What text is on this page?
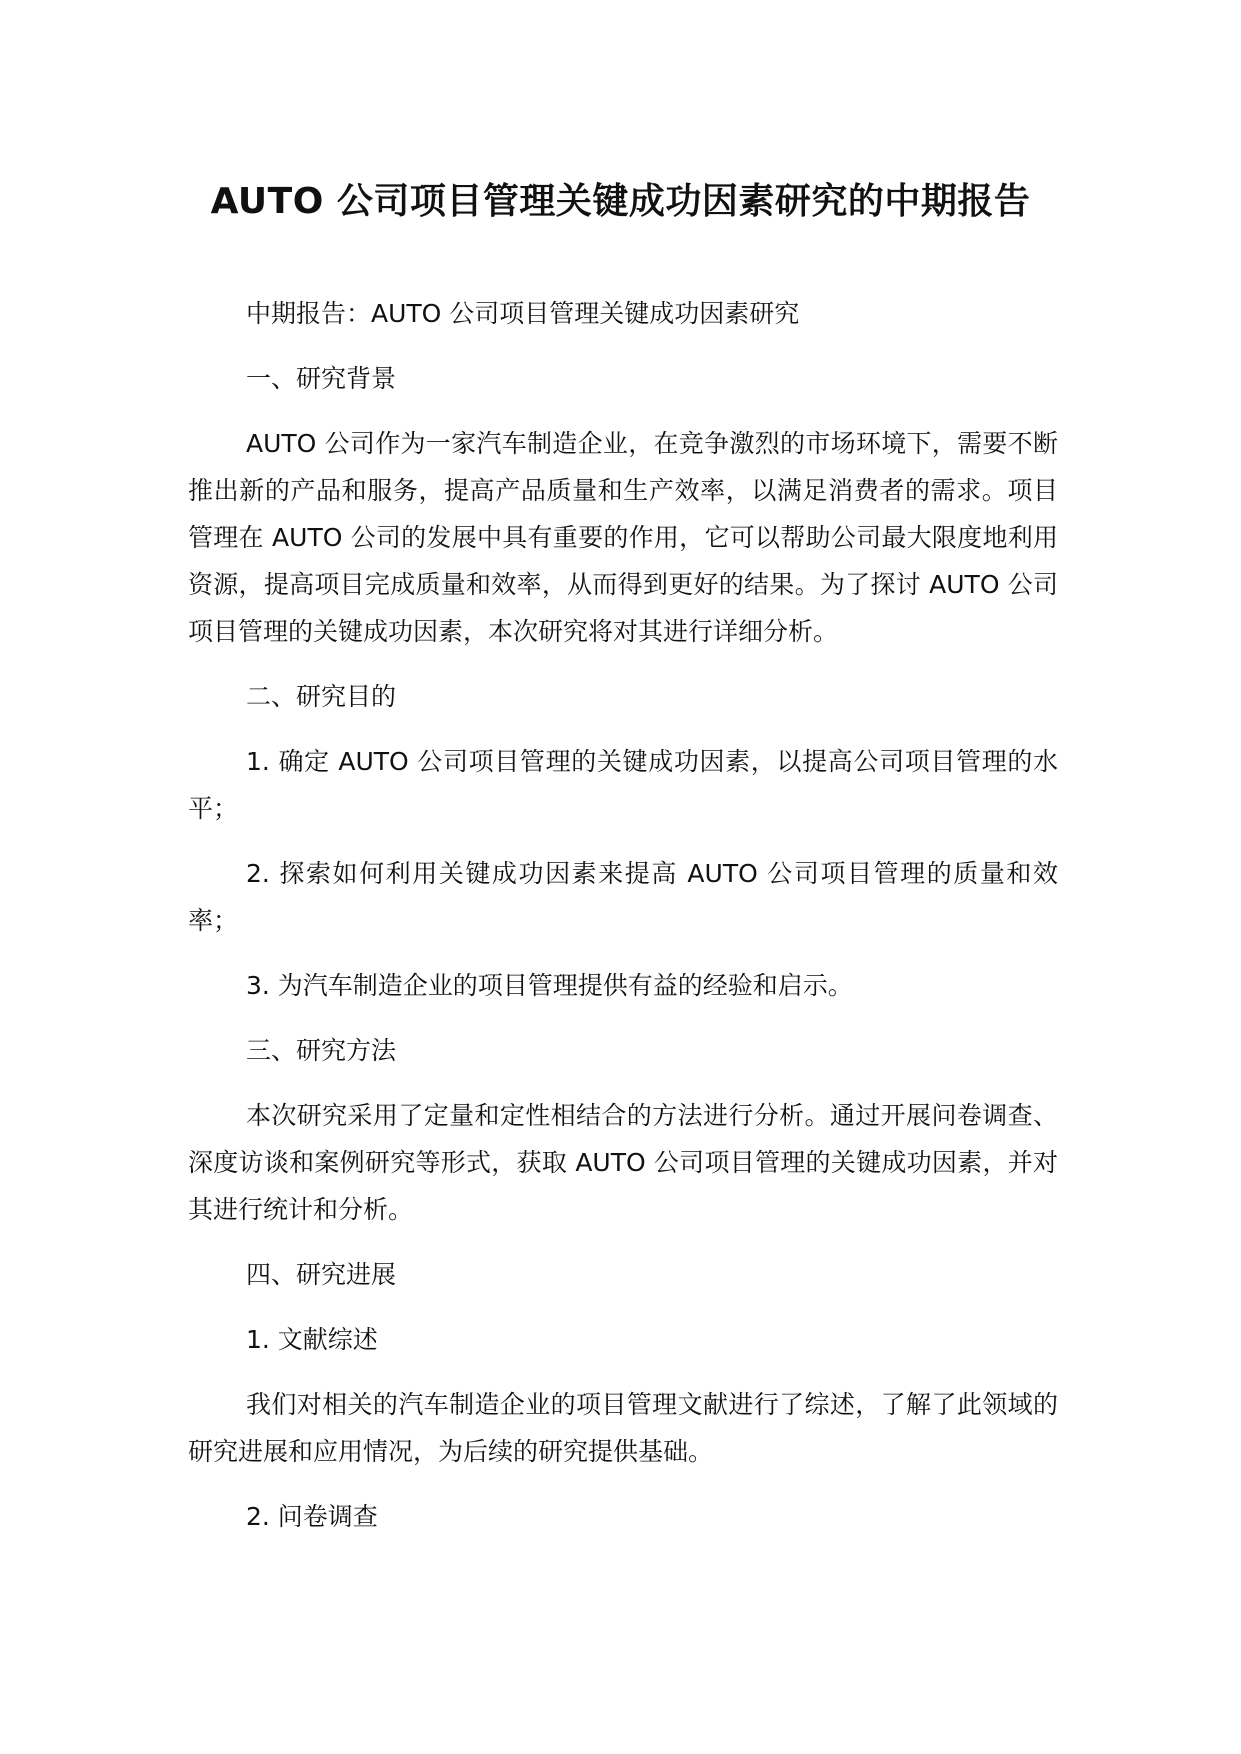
AUTO 公司项目管理关键成功因素研究的中期报告

中期报告：AUTO 公司项目管理关键成功因素研究

一、研究背景

AUTO 公司作为一家汽车制造企业，在竞争激烈的市场环境下，需要不断推出新的产品和服务，提高产品质量和生产效率，以满足消费者的需求。项目管理在 AUTO 公司的发展中具有重要的作用，它可以帮助公司最大限度地利用资源，提高项目完成质量和效率，从而得到更好的结果。为了探讨 AUTO 公司项目管理的关键成功因素，本次研究将对其进行详细分析。

二、研究目的

1. 确定 AUTO 公司项目管理的关键成功因素，以提高公司项目管理的水平；

2. 探索如何利用关键成功因素来提高 AUTO 公司项目管理的质量和效率；

3. 为汽车制造企业的项目管理提供有益的经验和启示。

三、研究方法

本次研究采用了定量和定性相结合的方法进行分析。通过开展问卷调查、深度访谈和案例研究等形式，获取 AUTO 公司项目管理的关键成功因素，并对其进行统计和分析。

四、研究进展

1. 文献综述

我们对相关的汽车制造企业的项目管理文献进行了综述，了解了此领域的研究进展和应用情况，为后续的研究提供基础。

2. 问卷调查
